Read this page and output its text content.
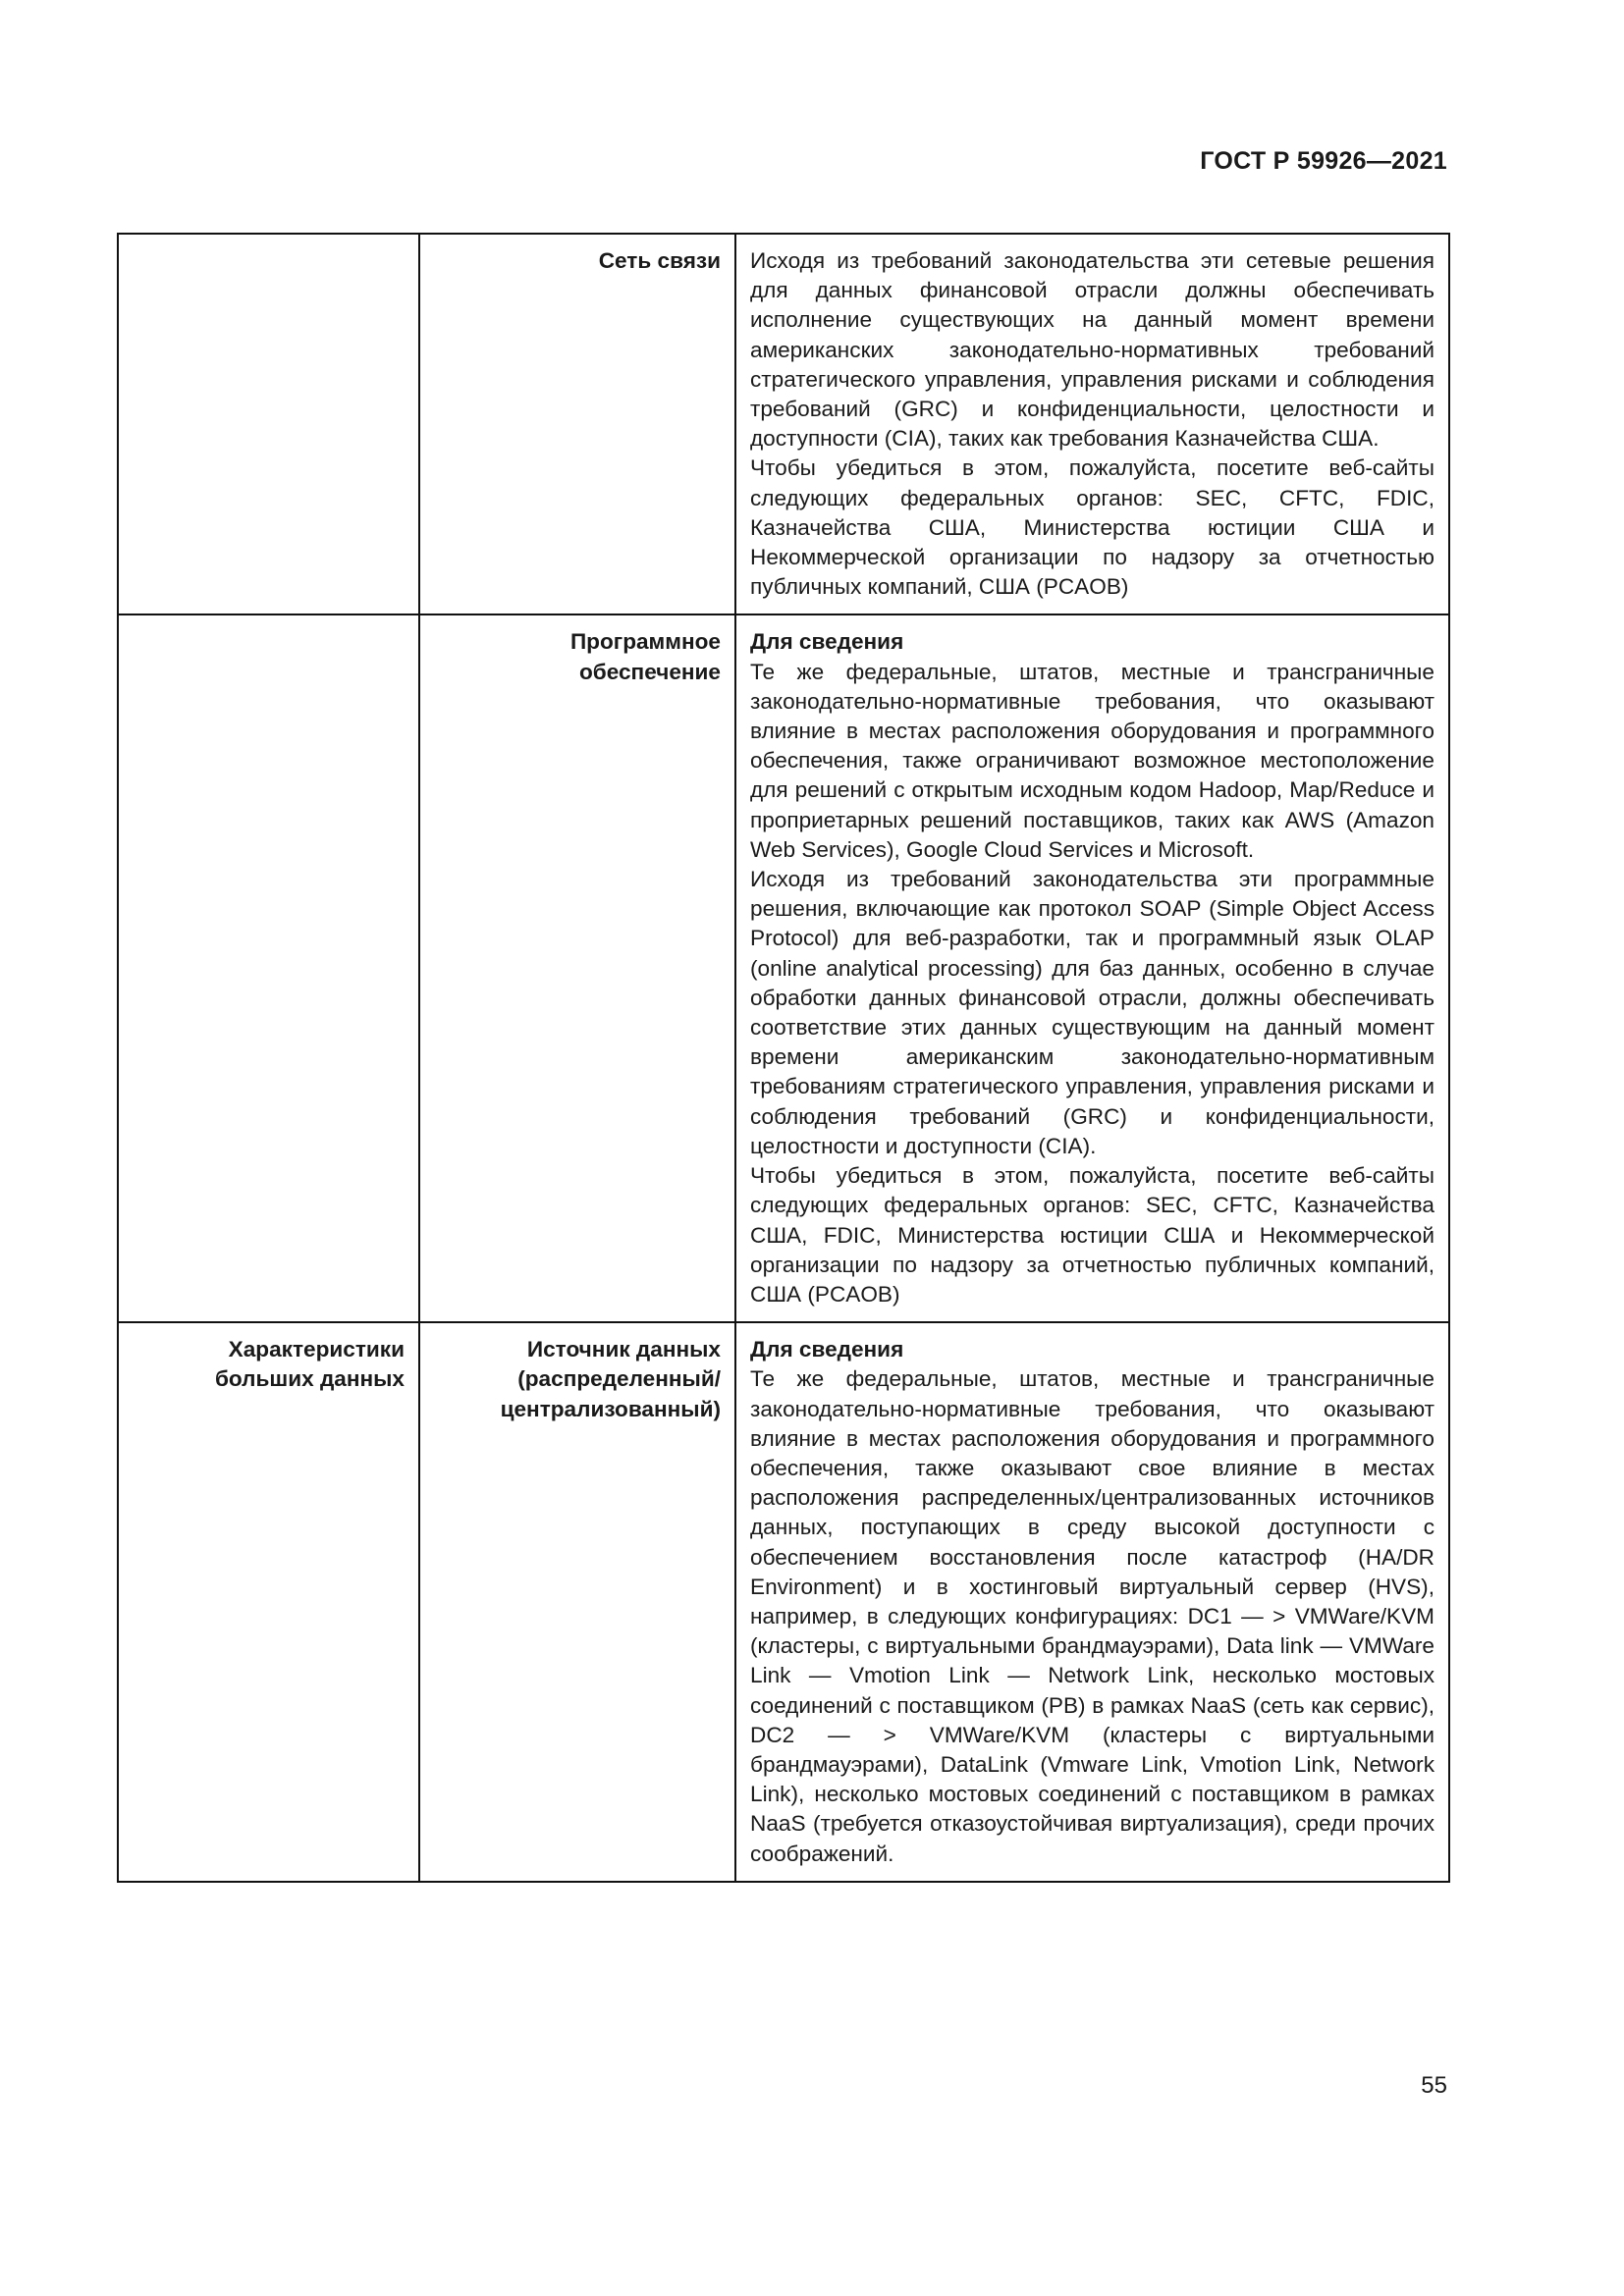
ГОСТ Р 59926—2021
	Сеть связи	Исходя из требований законодательства эти сетевые решения для данных финансовой отрасли должны обеспечивать исполнение существующих на данный момент времени американских законодательно-нормативных требований стратегического управления, управления рисками и соблюдения требований (GRC) и конфиденциальности, целостности и доступности (CIA), таких как требования Казначейства США.

Чтобы убедиться в этом, пожалуйста, посетите веб-сайты следующих федеральных органов: SEC, CFTC, FDIC, Казначейства США, Министерства юстиции США и Некоммерческой организации по надзору за отчетностью публичных компаний, США (PCAOB)

	Программное обеспечение	Для сведения

Те же федеральные, штатов, местные и трансграничные законодательно-нормативные требования, что оказывают влияние в местах расположения оборудования и программного обеспечения, также ограничивают возможное местоположение для решений с открытым исходным кодом Hadoop, Map/Reduce и проприетарных решений поставщиков, таких как AWS (Amazon Web Services), Google Cloud Services и Microsoft.

Исходя из требований законодательства эти программные решения, включающие как протокол SOAP (Simple Object Access Protocol) для веб-разработки, так и программный язык OLAP (online analytical processing) для баз данных, особенно в случае обработки данных финансовой отрасли, должны обеспечивать соответствие этих данных существующим на данный момент времени американским законодательно-нормативным требованиям стратегического управления, управления рисками и соблюдения требований (GRC) и конфиденциальности, целостности и доступности (CIA).

Чтобы убедиться в этом, пожалуйста, посетите веб-сайты следующих федеральных органов: SEC, CFTC, Казначейства США, FDIC, Министерства юстиции США и Некоммерческой организации по надзору за отчетностью публичных компаний, США (PCAOB)

Характеристики больших данных	Источник данных (распределенный/ централизованный)	Для сведения

Те же федеральные, штатов, местные и трансграничные законодательно-нормативные требования, что оказывают влияние в местах расположения оборудования и программного обеспечения, также оказывают свое влияние в местах расположения распределенных/централизованных источников данных, поступающих в среду высокой доступности с обеспечением восстановления после катастроф (HA/DR Environment) и в хостинговый виртуальный сервер (HVS), например, в следующих конфигурациях: DC1 — > VMWare/KVM (кластеры, с виртуальными брандмауэрами), Data link — VMWare Link — Vmotion Link — Network Link, несколько мостовых соединений с поставщиком (PB) в рамках NaaS (сеть как сервис), DC2 — > VMWare/KVM (кластеры с виртуальными брандмауэрами), DataLink (Vmware Link, Vmotion Link, Network Link), несколько мостовых соединений с поставщиком в рамках NaaS (требуется отказоустойчивая виртуализация), среди прочих соображений.

55
